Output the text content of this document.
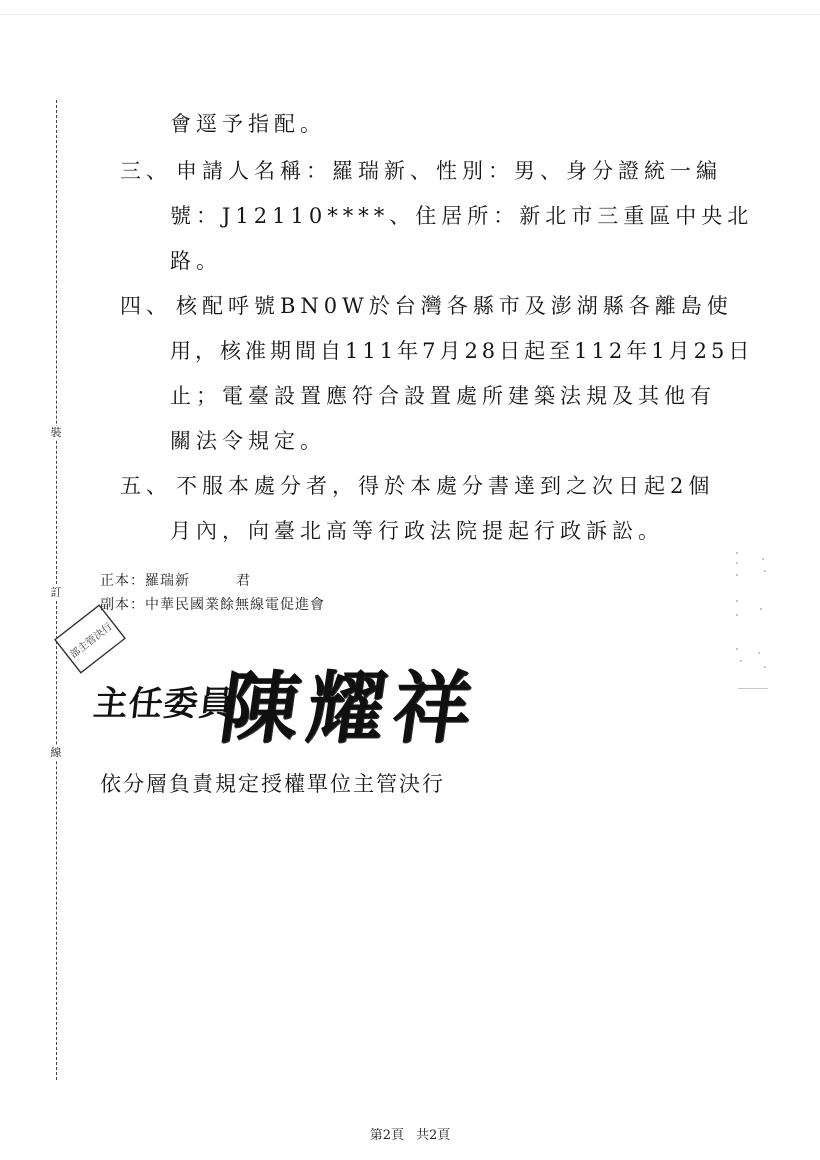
裝
訂
線
會逕予指配。
三、 申請人名稱：羅瑞新、性別：男、身分證統一編
號：J12110****、住居所：新北市三重區中央北
路。
四、 核配呼號BN0W於台灣各縣市及澎湖縣各離島使
用，核准期間自111年7月28日起至112年1月25日
止；電臺設置應符合設置處所建築法規及其他有
關法令規定。
五、 不服本處分者，得於本處分書達到之次日起2個
月內，向臺北高等行政法院提起行政訴訟。
正本：羅瑞新	君
副本：中華民國業餘無線電促進會
部主管決行
主任委員
陳耀祥
依分層負責規定授權單位主管決行
第2頁 共2頁
